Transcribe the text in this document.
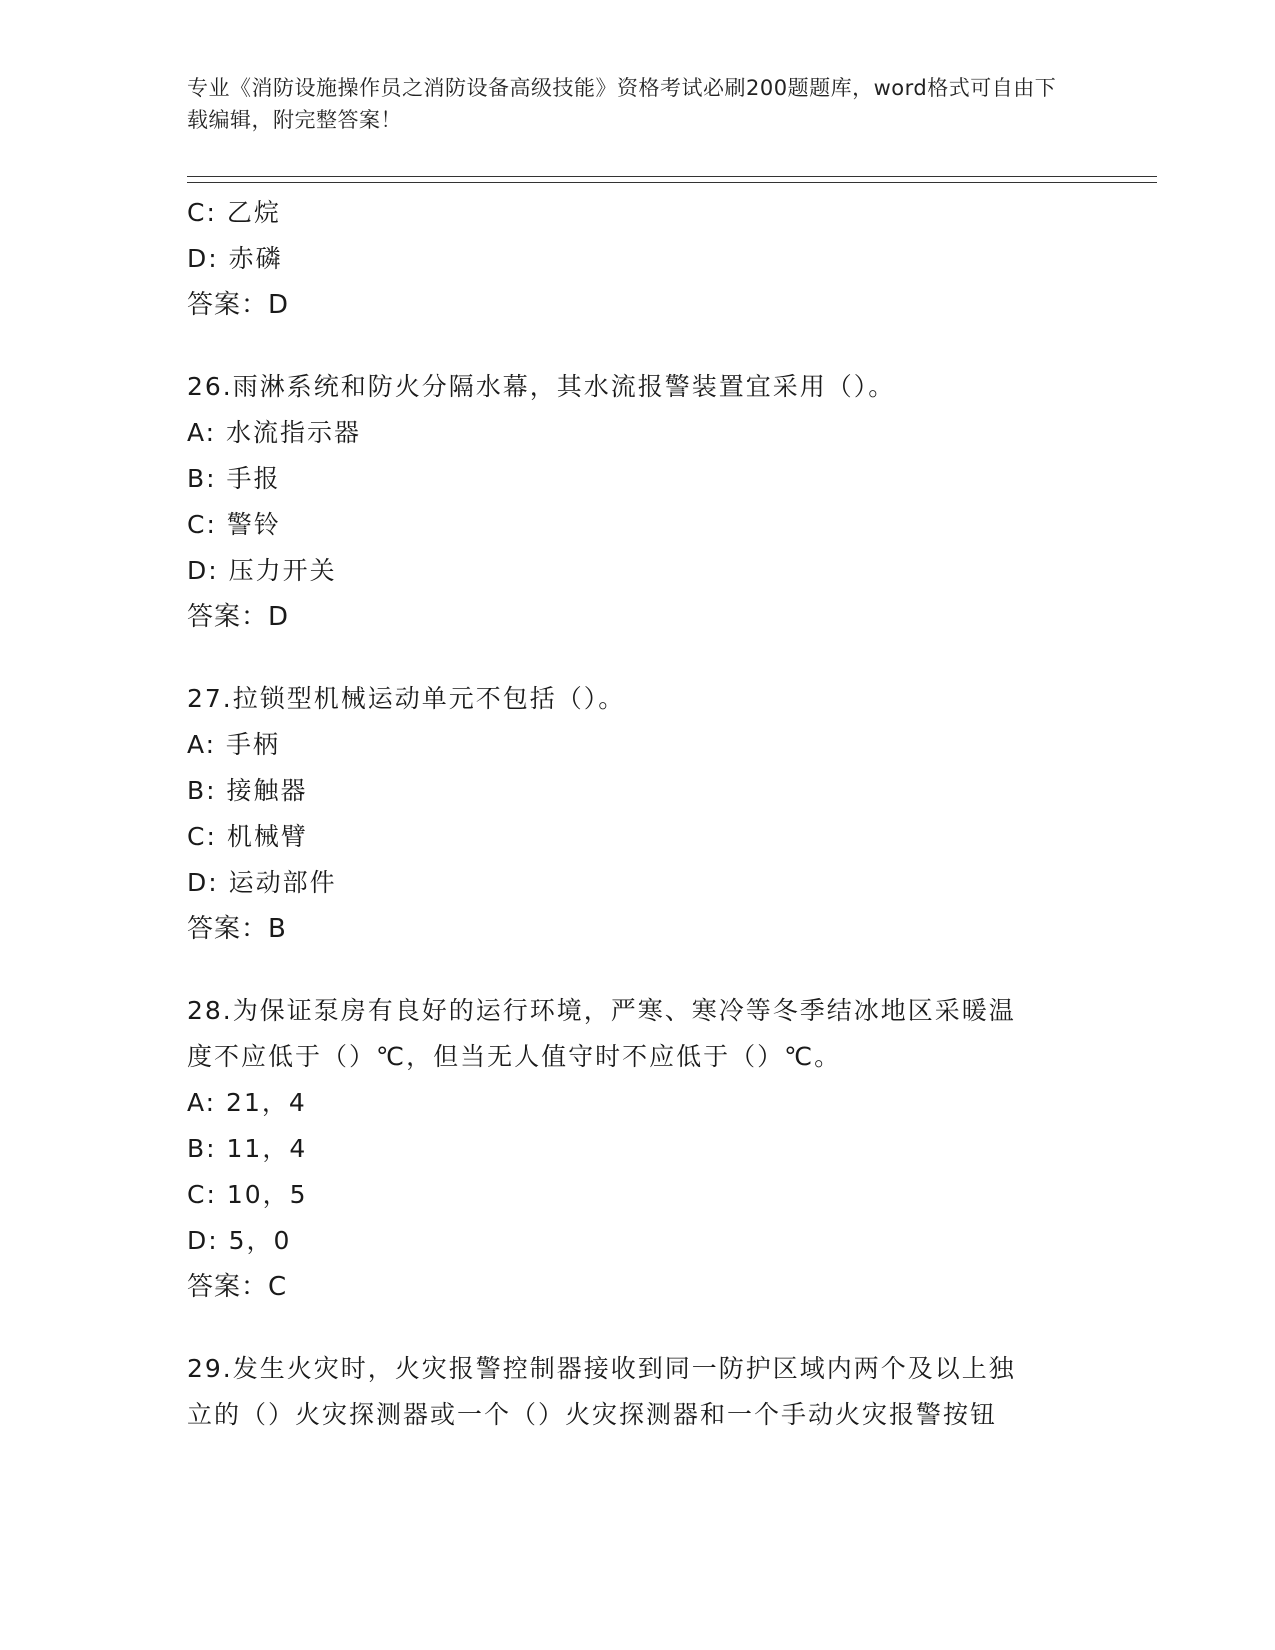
专业《消防设施操作员之消防设备高级技能》资格考试必刷200题题库，word格式可自由下载编辑，附完整答案！
C: 乙烷
D: 赤磷
答案：D
26.雨淋系统和防火分隔水幕，其水流报警装置宜采用（）。
A: 水流指示器
B: 手报
C: 警铃
D: 压力开关
答案：D
27.拉锁型机械运动单元不包括（）。
A: 手柄
B: 接触器
C: 机械臂
D: 运动部件
答案：B
28.为保证泵房有良好的运行环境，严寒、寒冷等冬季结冰地区采暖温
度不应低于（）℃，但当无人值守时不应低于（）℃。
A: 21，4
B: 11，4
C: 10，5
D: 5，0
答案：C
29.发生火灾时，火灾报警控制器接收到同一防护区域内两个及以上独
立的（）火灾探测器或一个（）火灾探测器和一个手动火灾报警按钮
